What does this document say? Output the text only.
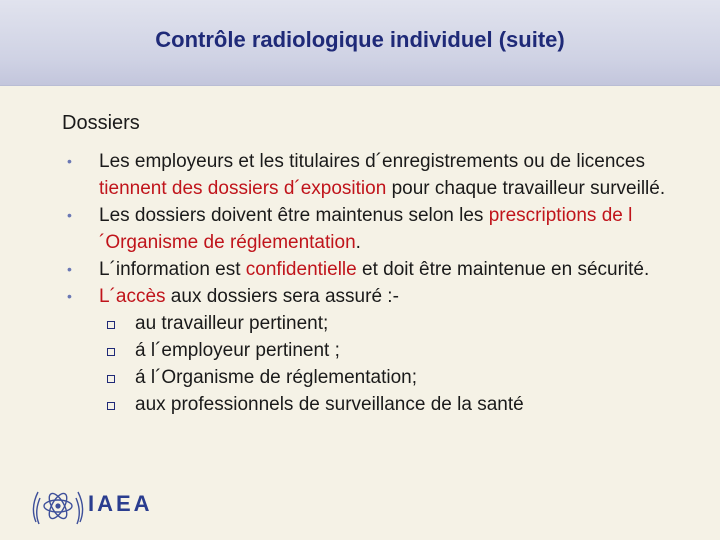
Contrôle radiologique individuel (suite)
Dossiers
• Les employeurs et les titulaires d´enregistrements ou de licences tiennent des dossiers d´exposition pour chaque travailleur surveillé.
• Les dossiers doivent être maintenus selon les prescriptions de l´Organisme de réglementation.
• L´information est confidentielle et doit être maintenue en sécurité.
• L´accès aux dossiers sera assuré :-
au travailleur pertinent;
á l´employeur pertinent ;
á l´Organisme de réglementation;
aux professionnels de surveillance de la santé
IAEA
